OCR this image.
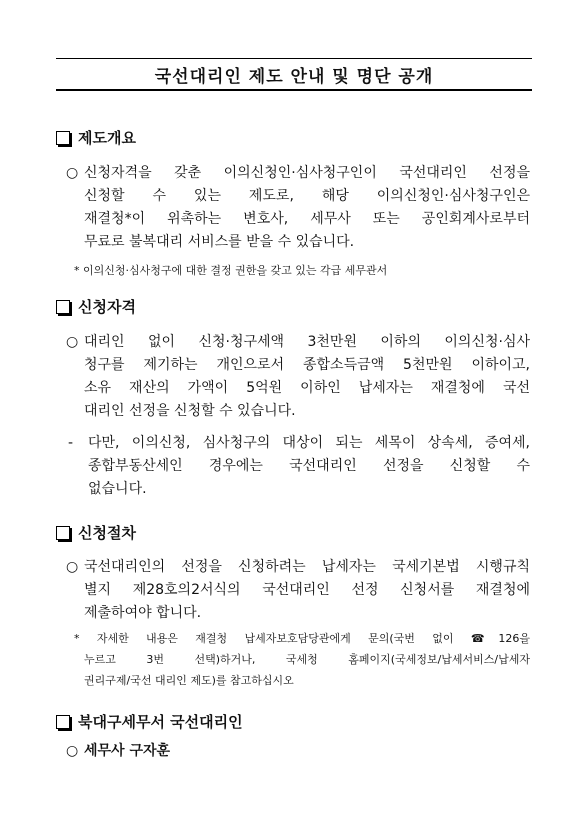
국선대리인 제도 안내 및 명단 공개
제도개요
○ 신청자격을 갖춘 이의신청인·심사청구인이 국선대리인 선정을
신청할 수 있는 제도로, 해당 이의신청인·심사청구인은
재결청*이 위촉하는 변호사, 세무사 또는 공인회계사로부터
무료로 불복대리 서비스를 받을 수 있습니다.
* 이의신청·심사청구에 대한 결정 권한을 갖고 있는 각급 세무관서
신청자격
○ 대리인 없이 신청·청구세액 3천만원 이하의 이의신청·심사
청구를 제기하는 개인으로서 종합소득금액 5천만원 이하이고,
소유 재산의 가액이 5억원 이하인 납세자는 재결청에 국선
대리인 선정을 신청할 수 있습니다.
- 다만, 이의신청, 심사청구의 대상이 되는 세목이 상속세, 증여세,
종합부동산세인 경우에는 국선대리인 선정을 신청할 수
없습니다.
신청절차
○ 국선대리인의 선정을 신청하려는 납세자는 국세기본법 시행규칙
별지 제28호의2서식의 국선대리인 선정 신청서를 재결청에
제출하여야 합니다.
* 자세한 내용은 재결청 납세자보호담당관에게 문의(국번 없이 ☎126을
누르고 3번 선택)하거나, 국세청 홈페이지(국세정보/납세서비스/납세자
권리구제/국선 대리인 제도)를 참고하십시오
북대구세무서 국선대리인
○ 세무사 구자훈
